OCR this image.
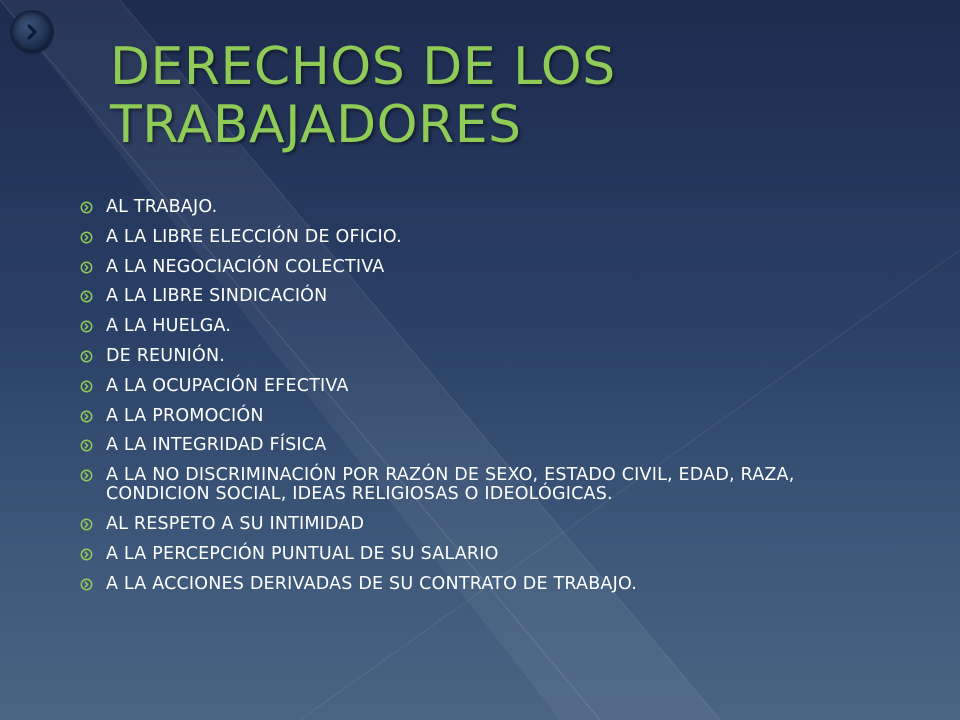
DERECHOS DE LOS TRABAJADORES
AL TRABAJO.
A LA LIBRE ELECCIÓN DE OFICIO.
A LA NEGOCIACIÓN COLECTIVA
A LA LIBRE SINDICACIÓN
A LA HUELGA.
DE REUNIÓN.
A LA OCUPACIÓN EFECTIVA
A LA PROMOCIÓN
A LA INTEGRIDAD FÍSICA
A LA NO DISCRIMINACIÓN POR RAZÓN DE SEXO, ESTADO CIVIL, EDAD, RAZA, CONDICION SOCIAL, IDEAS RELIGIOSAS O IDEOLÓGICAS.
AL RESPETO A SU INTIMIDAD
A LA PERCEPCIÓN PUNTUAL DE SU SALARIO
A LA ACCIONES DERIVADAS DE SU CONTRATO DE TRABAJO.
